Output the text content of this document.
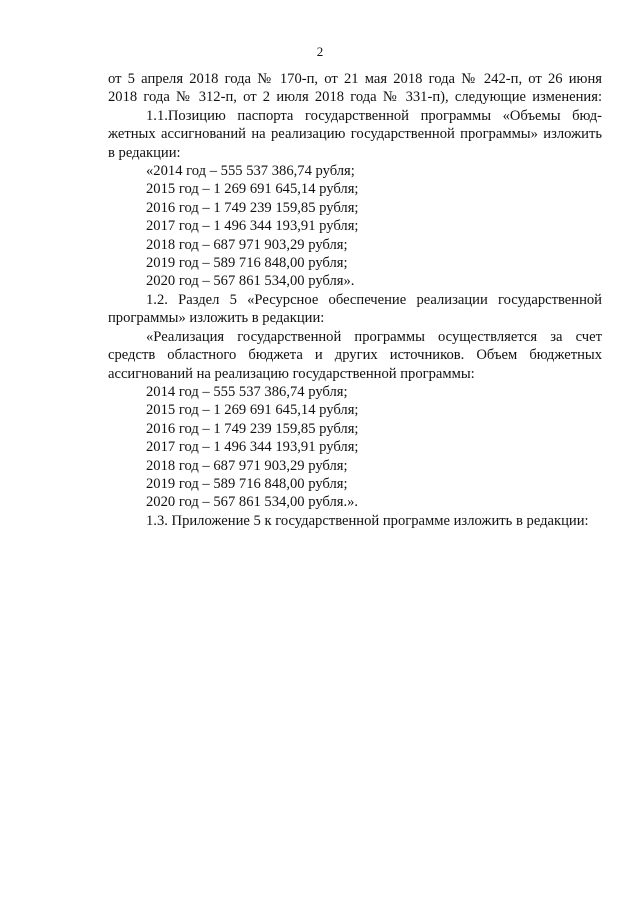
2

от 5 апреля 2018 года № 170-п, от 21 мая 2018 года № 242-п, от 26 июня

2018 года № 312-п, от 2 июля 2018 года № 331-п), следующие изменения:

1.1.Позицию паспорта государственной программы «Объемы бюд-

жетных ассигнований на реализацию государственной программы» изложить

в редакции:

«2014 год – 555 537 386,74 рубля;

2015 год – 1 269 691 645,14 рубля;

2016 год – 1 749 239 159,85 рубля;

2017 год – 1 496 344 193,91 рубля;

2018 год – 687 971 903,29 рубля;

2019 год – 589 716 848,00 рубля;

2020 год – 567 861 534,00 рубля».

1.2. Раздел 5 «Ресурсное обеспечение реализации государственной

программы» изложить в редакции:

«Реализация государственной программы осуществляется за счет

средств областного бюджета и других источников. Объем бюджетных

ассигнований на реализацию государственной программы:

2014 год – 555 537 386,74 рубля;

2015 год – 1 269 691 645,14 рубля;

2016 год – 1 749 239 159,85 рубля;

2017 год – 1 496 344 193,91 рубля;

2018 год – 687 971 903,29 рубля;

2019 год – 589 716 848,00 рубля;

2020 год – 567 861 534,00 рубля.».

1.3. Приложение 5 к государственной программе изложить в редакции:
